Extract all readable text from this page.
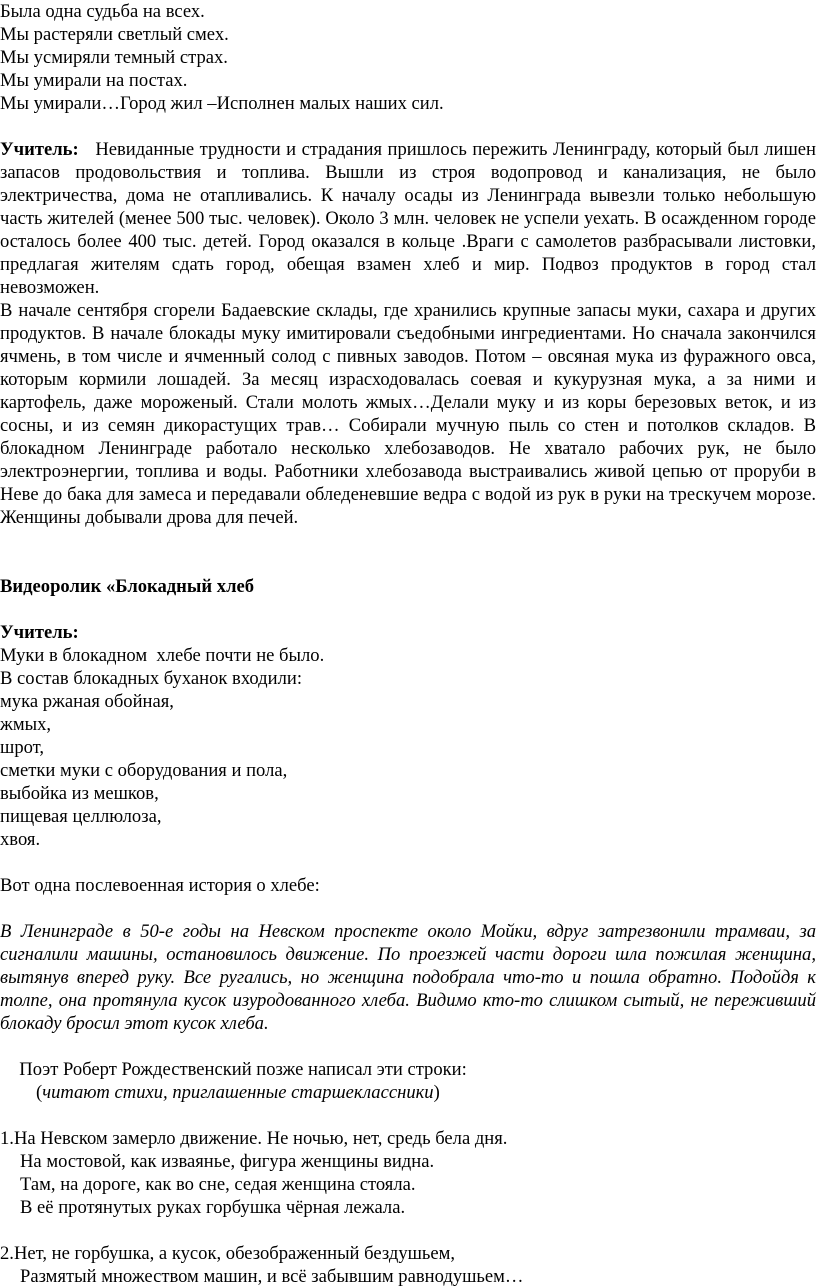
Была одна судьба на всех.
Мы растеряли светлый смех.
Мы усмиряли темный страх.
Мы умирали на постах.
Мы умирали…Город жил –Исполнен малых наших сил.

Учитель: Невиданные трудности и страдания пришлось пережить Ленинграду, который был лишен запасов продовольствия и топлива. Вышли из строя водопровод и канализация, не было электричества, дома не отапливались. К началу осады из Ленинграда вывезли только небольшую часть жителей (менее 500 тыс. человек). Около 3 млн. человек не успели уехать. В осажденном городе осталось более 400 тыс. детей. Город оказался в кольце .Враги с самолетов разбрасывали листовки, предлагая жителям сдать город, обещая взамен хлеб и мир. Подвоз продуктов в город стал невозможен.

В начале сентября сгорели Бадаевские склады, где хранились крупные запасы муки, сахара и других продуктов. В начале блокады муку имитировали съедобными ингредиентами. Но сначала закончился ячмень, в том числе и ячменный солод с пивных заводов. Потом – овсяная мука из фуражного овса, которым кормили лошадей. За месяц израсходовалась соевая и кукурузная мука, а за ними и картофель, даже мороженый. Стали молоть жмых…Делали муку и из коры березовых веток, и из сосны, и из семян дикорастущих трав… Собирали мучную пыль со стен и потолков складов. В блокадном Ленинграде работало несколько хлебозаводов. Не хватало рабочих рук, не было электроэнергии, топлива и воды. Работники хлебозавода выстраивались живой цепью от проруби в Неве до бака для замеса и передавали обледеневшие ведра с водой из рук в руки на трескучем морозе. Женщины добывали дрова для печей.

Видеоролик «Блокадный хлеб

Учитель:

Муки в блокадном  хлебе почти не было.
В состав блокадных буханок входили:
мука ржаная обойная,
жмых,
шрот,
сметки муки с оборудования и пола,
выбойка из мешков,
пищевая целлюлоза,
хвоя.

Вот одна послевоенная история о хлебе:

В Ленинграде в 50-е годы на Невском проспекте около Мойки, вдруг затрезвонили трамваи, за сигналили машины, остановилось движение. По проезжей части дороги шла пожилая женщина, вытянув вперед руку. Все ругались, но женщина подобрала что-то и пошла обратно. Подойдя к толпе, она протянула кусок изуродованного хлеба. Видимо кто-то слишком сытый, не переживший блокаду бросил этот кусок хлеба.

Поэт Роберт Рождественский позже написал эти строки:

(читают стихи, приглашенные старшеклассники)

1.На Невском замерло движение. Не ночью, нет, средь бела дня.
На мостовой, как изваянье, фигура женщины видна.
Там, на дороге, как во сне, седая женщина стояла.
В её протянутых руках горбушка чёрная лежала.
2.Нет, не горбушка, а кусок, обезображенный бездушьем,
Размятый множеством машин, и всё забывшим равнодушьем…
